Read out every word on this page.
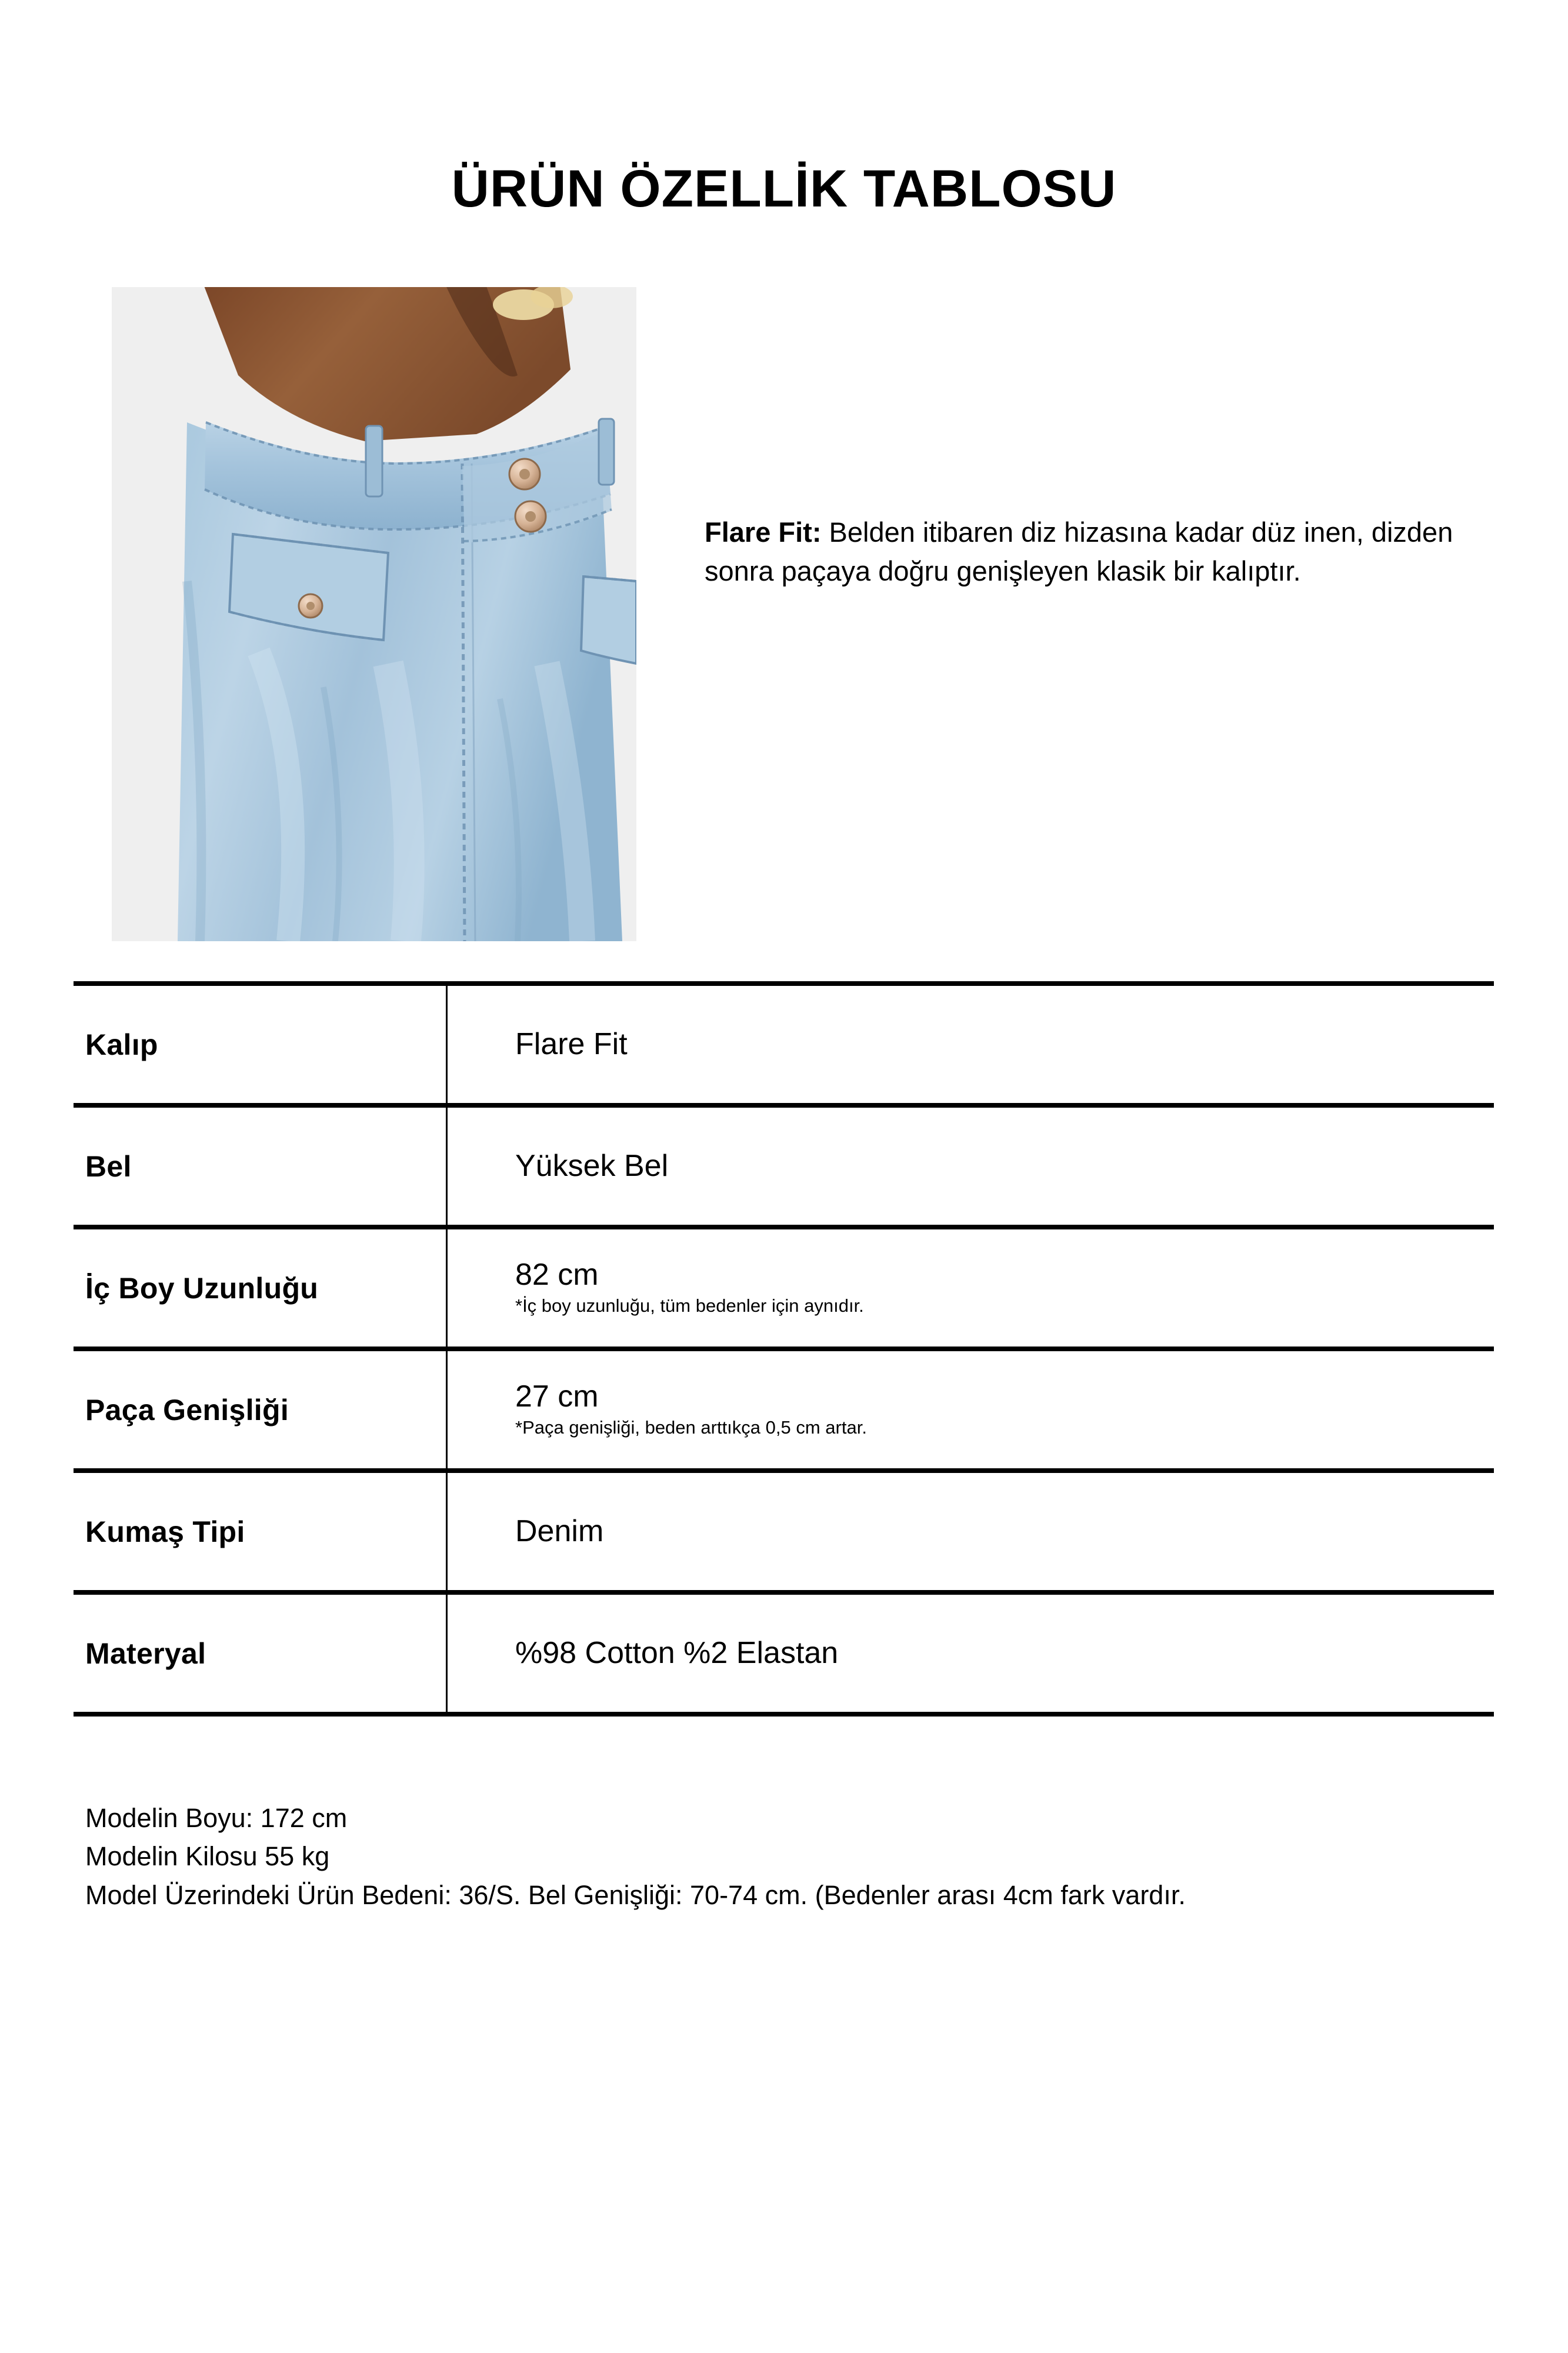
ÜRÜN ÖZELLİK TABLOSU
Flare Fit: Belden itibaren diz hizasına kadar düz inen, dizden sonra paçaya doğru genişleyen klasik bir kalıptır.
Kalıp	Flare Fit

Bel	Yüksek Bel

İç Boy Uzunluğu	82 cm
*İç boy uzunluğu, tüm bedenler için aynıdır.

Paça Genişliği	27 cm
*Paça genişliği, beden arttıkça 0,5 cm artar.

Kumaş Tipi	Denim

Materyal	%98 Cotton %2 Elastan
Modelin Boyu: 172 cm
Modelin Kilosu 55 kg
Model Üzerindeki Ürün Bedeni: 36/S. Bel Genişliği: 70-74 cm. (Bedenler arası 4cm fark vardır.
